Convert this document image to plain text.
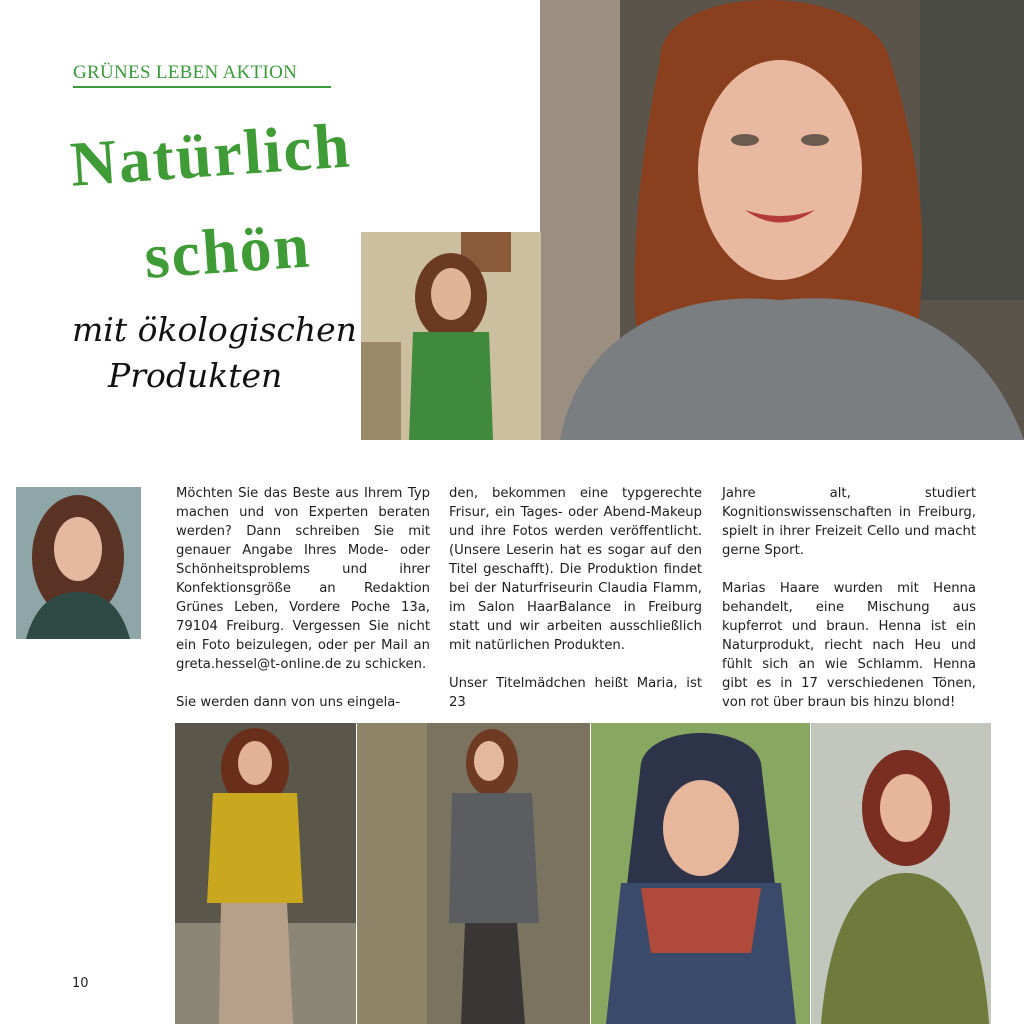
GRÜNES LEBEN AKTION
Natürlich
schön
mit ökologischen
Produkten
Möchten Sie das Beste aus Ihrem Typ machen und von Experten beraten werden? Dann schreiben Sie mit genauer Angabe Ihres Mode- oder Schönheitsproblems und ihrer Konfektionsgröße an Redaktion Grünes Leben, Vordere Poche 13a, 79104 Freiburg. Vergessen Sie nicht ein Foto beizulegen, oder per Mail an greta.hessel@t-online.de zu schicken.

Sie werden dann von uns eingela-
den, bekommen eine typgerechte Frisur, ein Tages- oder Abend-Makeup und ihre Fotos werden veröffentlicht. (Unsere Leserin hat es sogar auf den Titel geschafft). Die Produktion findet bei der Naturfriseurin Claudia Flamm, im Salon HaarBalance in Freiburg statt und wir arbeiten ausschließlich mit natürlichen Produkten.

Unser Titelmädchen heißt Maria, ist 23
Jahre alt, studiert Kognitionswissenschaften in Freiburg, spielt in ihrer Freizeit Cello und macht gerne Sport.

Marias Haare wurden mit Henna behandelt, eine Mischung aus kupferrot und braun. Henna ist ein Naturprodukt, riecht nach Heu und fühlt sich an wie Schlamm. Henna gibt es in 17 verschiedenen Tönen, von rot über braun bis hinzu blond!
10
